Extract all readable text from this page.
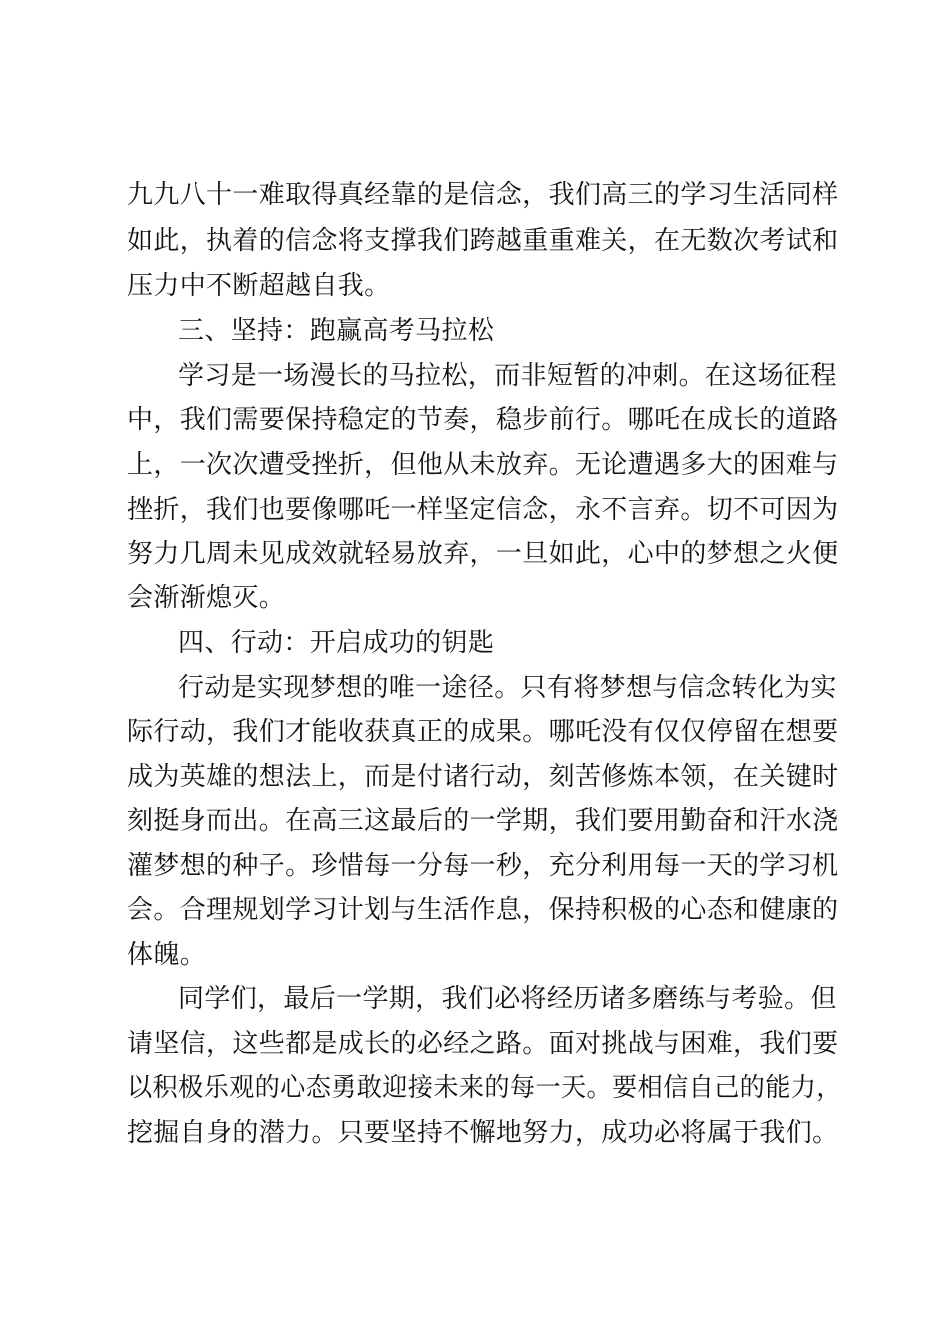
九九八十一难取得真经靠的是信念，我们高三的学习生活同样
如此，执着的信念将支撑我们跨越重重难关，在无数次考试和
压力中不断超越自我。
三、坚持：跑赢高考马拉松
学习是一场漫长的马拉松，而非短暂的冲刺。在这场征程
中，我们需要保持稳定的节奏，稳步前行。哪吒在成长的道路
上，一次次遭受挫折，但他从未放弃。无论遭遇多大的困难与
挫折，我们也要像哪吒一样坚定信念，永不言弃。切不可因为
努力几周未见成效就轻易放弃，一旦如此，心中的梦想之火便
会渐渐熄灭。
四、行动：开启成功的钥匙
行动是实现梦想的唯一途径。只有将梦想与信念转化为实
际行动，我们才能收获真正的成果。哪吒没有仅仅停留在想要
成为英雄的想法上，而是付诸行动，刻苦修炼本领，在关键时
刻挺身而出。在高三这最后的一学期，我们要用勤奋和汗水浇
灌梦想的种子。珍惜每一分每一秒，充分利用每一天的学习机
会。合理规划学习计划与生活作息，保持积极的心态和健康的
体魄。
同学们，最后一学期，我们必将经历诸多磨练与考验。但
请坚信，这些都是成长的必经之路。面对挑战与困难，我们要
以积极乐观的心态勇敢迎接未来的每一天。要相信自己的能力，
挖掘自身的潜力。只要坚持不懈地努力，成功必将属于我们。
